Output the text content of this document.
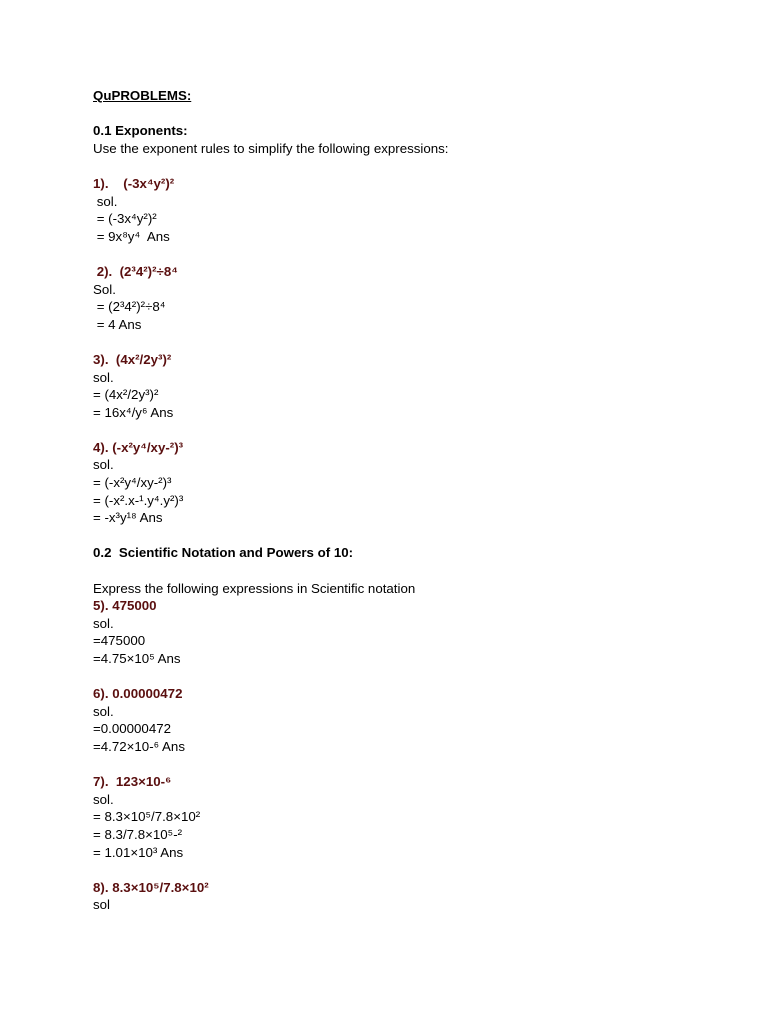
QuPROBLEMS:
0.1 Exponents:
Use the exponent rules to simplify the following expressions:
1).    (-3x⁴y²)²
sol.
= (-3x⁴y²)²
= 9x⁸y⁴  Ans
2).  (2³4²)²÷8⁴
Sol.
= (2³4²)²÷8⁴
= 4 Ans
3).  (4x²/2y³)²
sol.
= (4x²/2y³)²
= 16x⁴/y⁶ Ans
4). (-x²y⁴/xy-²)³
sol.
= (-x²y⁴/xy-²)³
= (-x².x-¹.y⁴.y²)³
= -x³y¹⁸ Ans
0.2  Scientific Notation and Powers of 10:
Express the following expressions in Scientific notation
5). 475000
sol.
=475000
=4.75×10⁵ Ans
6). 0.00000472
sol.
=0.00000472
=4.72×10-⁶ Ans
7).  123×10-⁶
sol.
= 8.3×10⁵/7.8×10²
= 8.3/7.8×10⁵-²
= 1.01×10³ Ans
8). 8.3×10⁵/7.8×10²
sol
